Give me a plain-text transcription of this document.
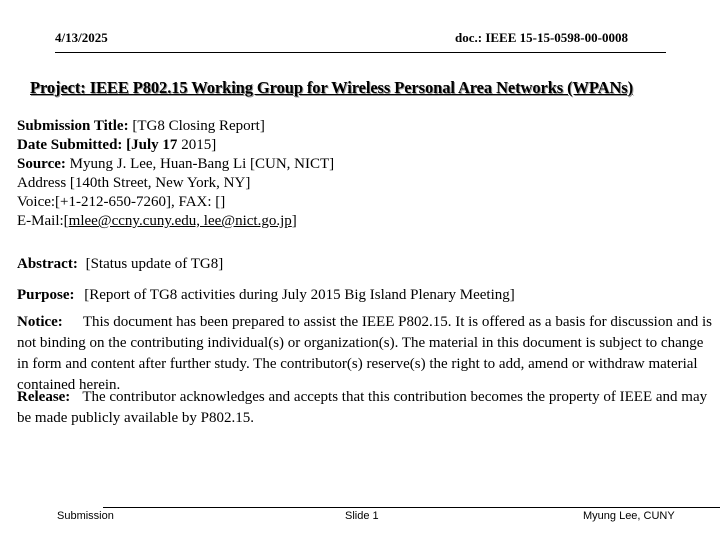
4/13/2025	doc.: IEEE 15-15-0598-00-0008
Project: IEEE P802.15 Working Group for Wireless Personal Area Networks (WPANs)
Submission Title: [TG8 Closing Report]
Date Submitted: [July 17 2015]
Source: Myung J. Lee, Huan-Bang Li [CUN, NICT]
Address [140th Street, New York, NY]
Voice:[+1-212-650-7260], FAX: []
E-Mail:[mlee@ccny.cuny.edu, lee@nict.go.jp]
Abstract: [Status update of TG8]
Purpose: [Report of TG8 activities during July 2015 Big Island Plenary Meeting]
Notice: This document has been prepared to assist the IEEE P802.15. It is offered as a basis for discussion and is not binding on the contributing individual(s) or organization(s). The material in this document is subject to change in form and content after further study. The contributor(s) reserve(s) the right to add, amend or withdraw material contained herein.
Release: The contributor acknowledges and accepts that this contribution becomes the property of IEEE and may be made publicly available by P802.15.
Submission	Slide 1	Myung Lee, CUNY
